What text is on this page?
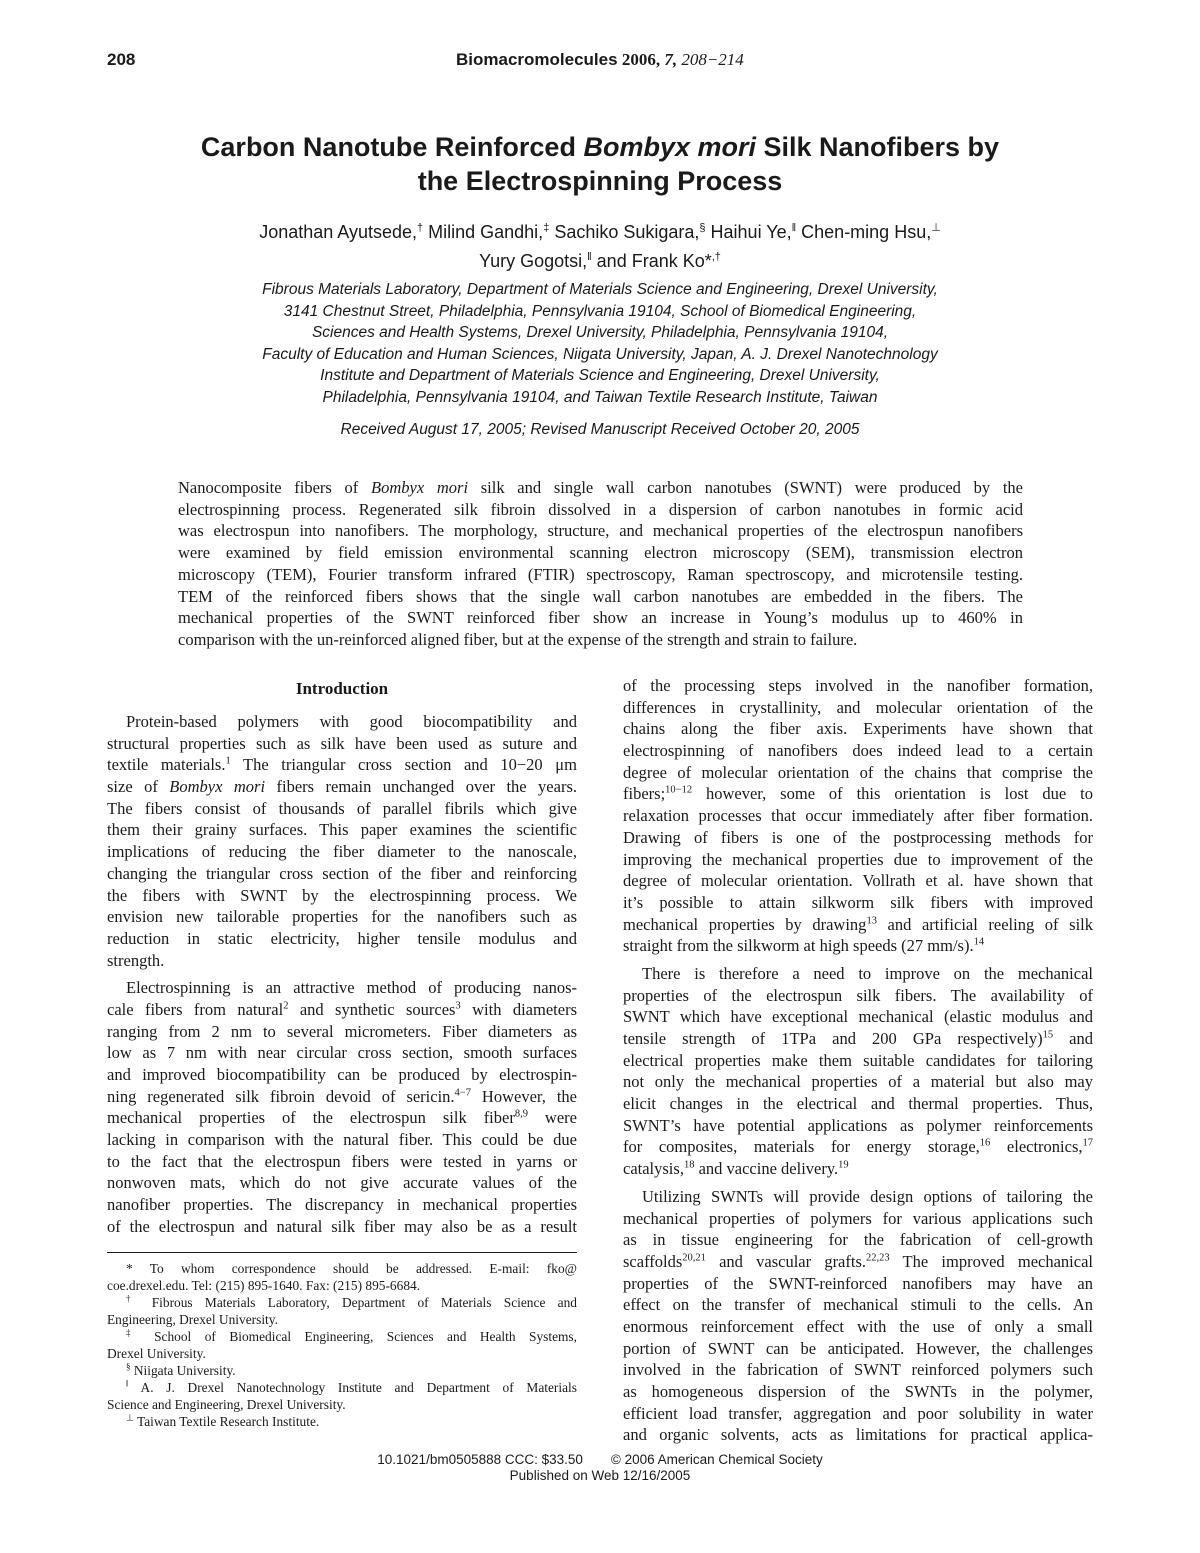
208	Biomacromolecules 2006, 7, 208−214

Carbon Nanotube Reinforced Bombyx mori Silk Nanofibers by

the Electrospinning Process

Jonathan Ayutsede,† Milind Gandhi,‡ Sachiko Sukigara,§ Haihui Ye,‖ Chen-ming Hsu,⊥

Yury Gogotsi,‖ and Frank Ko*,†

Fibrous Materials Laboratory, Department of Materials Science and Engineering, Drexel University,

3141 Chestnut Street, Philadelphia, Pennsylvania 19104, School of Biomedical Engineering,

Sciences and Health Systems, Drexel University, Philadelphia, Pennsylvania 19104,

Faculty of Education and Human Sciences, Niigata University, Japan, A. J. Drexel Nanotechnology

Institute and Department of Materials Science and Engineering, Drexel University,

Philadelphia, Pennsylvania 19104, and Taiwan Textile Research Institute, Taiwan

Received August 17, 2005; Revised Manuscript Received October 20, 2005

Nanocomposite fibers of Bombyx mori silk and single wall carbon nanotubes (SWNT) were produced by the

electrospinning process. Regenerated silk fibroin dissolved in a dispersion of carbon nanotubes in formic acid

was electrospun into nanofibers. The morphology, structure, and mechanical properties of the electrospun nanofibers

were examined by field emission environmental scanning electron microscopy (SEM), transmission electron

microscopy (TEM), Fourier transform infrared (FTIR) spectroscopy, Raman spectroscopy, and microtensile testing.

TEM of the reinforced fibers shows that the single wall carbon nanotubes are embedded in the fibers. The

mechanical properties of the SWNT reinforced fiber show an increase in Young’s modulus up to 460% in

comparison with the un-reinforced aligned fiber, but at the expense of the strength and strain to failure.

Introduction

Protein-based polymers with good biocompatibility and

structural properties such as silk have been used as suture and

textile materials.$^1$ The triangular cross section and 10−20 μm

size of Bombyx mori fibers remain unchanged over the years.

The fibers consist of thousands of parallel fibrils which give

them their grainy surfaces. This paper examines the scientific

implications of reducing the fiber diameter to the nanoscale,

changing the triangular cross section of the fiber and reinforcing

the fibers with SWNT by the electrospinning process. We

envision new tailorable properties for the nanofibers such as

reduction in static electricity, higher tensile modulus and

strength.

Electrospinning is an attractive method of producing nanos-

cale fibers from natural$^2$ and synthetic sources$^3$ with diameters

ranging from 2 nm to several micrometers. Fiber diameters as

low as 7 nm with near circular cross section, smooth surfaces

and improved biocompatibility can be produced by electrospin-

ning regenerated silk fibroin devoid of sericin.$^{4-7}$ However, the

mechanical properties of the electrospun silk fiber$^{8,9}$ were

lacking in comparison with the natural fiber. This could be due

to the fact that the electrospun fibers were tested in yarns or

nonwoven mats, which do not give accurate values of the

nanofiber properties. The discrepancy in mechanical properties

of the electrospun and natural silk fiber may also be as a result

of the processing steps involved in the nanofiber formation,

differences in crystallinity, and molecular orientation of the

chains along the fiber axis. Experiments have shown that

electrospinning of nanofibers does indeed lead to a certain

degree of molecular orientation of the chains that comprise the

fibers;$^{10-12}$ however, some of this orientation is lost due to

relaxation processes that occur immediately after fiber formation.

Drawing of fibers is one of the postprocessing methods for

improving the mechanical properties due to improvement of the

degree of molecular orientation. Vollrath et al. have shown that

it’s possible to attain silkworm silk fibers with improved

mechanical properties by drawing$^{13}$ and artificial reeling of silk

straight from the silkworm at high speeds (27 mm/s).$^{14}$

There is therefore a need to improve on the mechanical

properties of the electrospun silk fibers. The availability of

SWNT which have exceptional mechanical (elastic modulus and

tensile strength of 1TPa and 200 GPa respectively)$^{15}$ and

electrical properties make them suitable candidates for tailoring

not only the mechanical properties of a material but also may

elicit changes in the electrical and thermal properties. Thus,

SWNT’s have potential applications as polymer reinforcements

for composites, materials for energy storage,$^{16}$ electronics,$^{17}$

catalysis,$^{18}$ and vaccine delivery.$^{19}$

Utilizing SWNTs will provide design options of tailoring the

mechanical properties of polymers for various applications such

as in tissue engineering for the fabrication of cell-growth

scaffolds$^{20,21}$ and vascular grafts.$^{22,23}$ The improved mechanical

properties of the SWNT-reinforced nanofibers may have an

effect on the transfer of mechanical stimuli to the cells. An

enormous reinforcement effect with the use of only a small

portion of SWNT can be anticipated. However, the challenges

involved in the fabrication of SWNT reinforced polymers such

as homogeneous dispersion of the SWNTs in the polymer,

efficient load transfer, aggregation and poor solubility in water

and organic solvents, acts as limitations for practical applica-

* To whom correspondence should be addressed. E-mail: fko@

coe.drexel.edu. Tel: (215) 895-1640. Fax: (215) 895-6684.

† Fibrous Materials Laboratory, Department of Materials Science and

Engineering, Drexel University.

‡ School of Biomedical Engineering, Sciences and Health Systems,

Drexel University.

§ Niigata University.

‖ A. J. Drexel Nanotechnology Institute and Department of Materials

Science and Engineering, Drexel University.

⊥ Taiwan Textile Research Institute.

10.1021/bm0505888 CCC: $33.50 © 2006 American Chemical Society

Published on Web 12/16/2005
